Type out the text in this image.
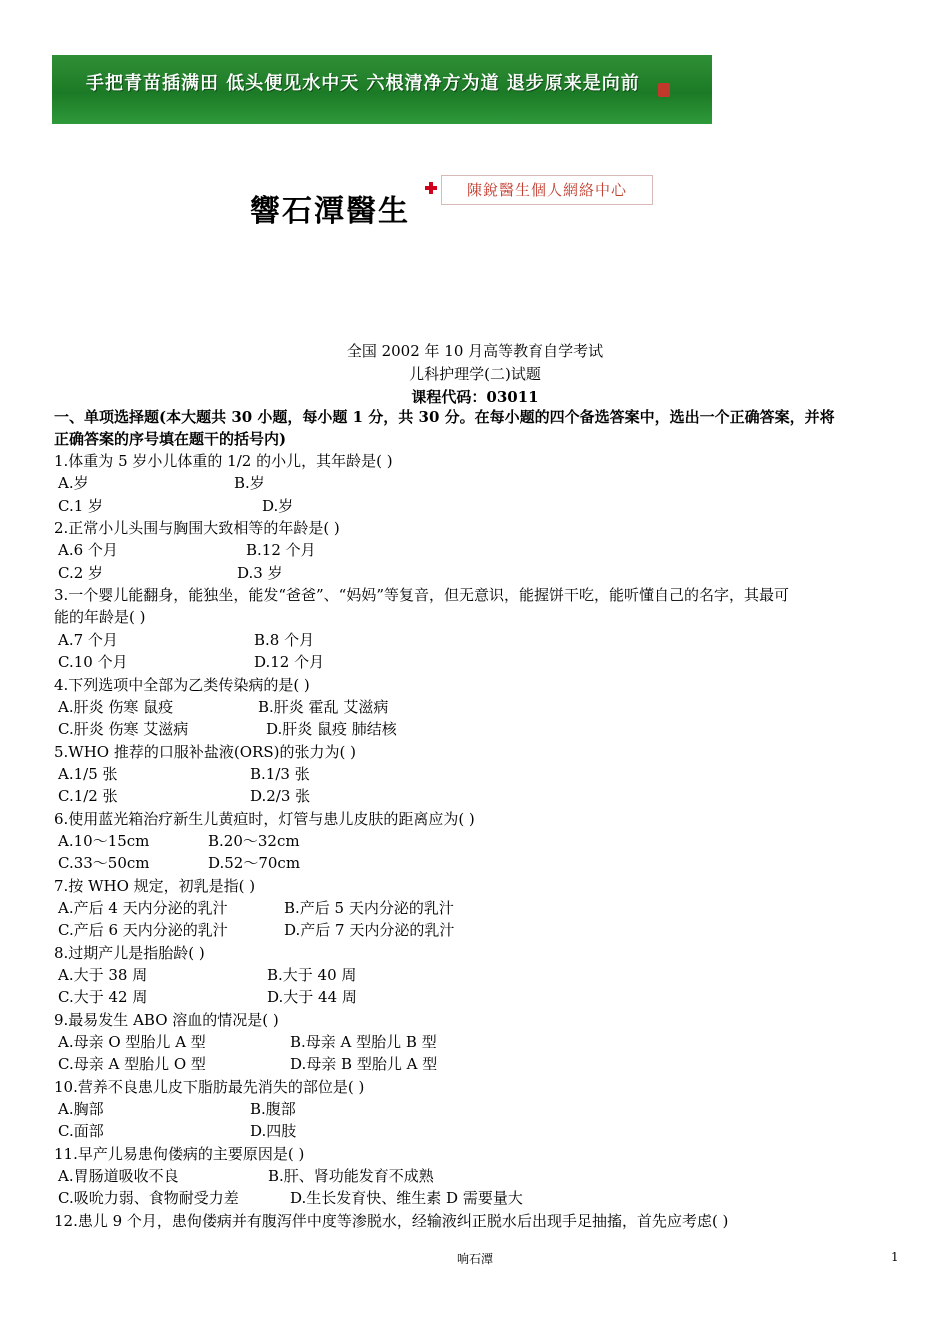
手把青苗插满田 低头便见水中天 六根清净方为道 退步原来是向前
響石潭醫生
陳銳醫生個人網絡中心
全国 2002 年 10 月高等教育自学考试
儿科护理学(二)试题
课程代码：03011
一、单项选择题(本大题共 30 小题，每小题 1 分，共 30 分。在每小题的四个备选答案中，选出一个正确答案，并将
正确答案的序号填在题干的括号内)
1.体重为 5 岁小儿体重的 1/2 的小儿，其年龄是( )
A.岁	B.岁
C.1 岁	D.岁
2.正常小儿头围与胸围大致相等的年龄是( )
A.6 个月	B.12 个月
C.2 岁	D.3 岁
3.一个婴儿能翻身，能独坐，能发“爸爸”、“妈妈”等复音，但无意识，能握饼干吃，能听懂自己的名字，其最可
能的年龄是( )
A.7 个月	B.8 个月
C.10 个月	D.12 个月
4.下列选项中全部为乙类传染病的是( )
A.肝炎 伤寒 鼠疫	B.肝炎 霍乱 艾滋病
C.肝炎 伤寒 艾滋病	D.肝炎 鼠疫 肺结核
5.WHO 推荐的口服补盐液(ORS)的张力为( )
A.1/5 张	B.1/3 张
C.1/2 张	D.2/3 张
6.使用蓝光箱治疗新生儿黄疸时，灯管与患儿皮肤的距离应为( )
A.10～15cm	B.20～32cm
C.33～50cm	D.52～70cm
7.按 WHO 规定，初乳是指( )
A.产后 4 天内分泌的乳汁	B.产后 5 天内分泌的乳汁
C.产后 6 天内分泌的乳汁	D.产后 7 天内分泌的乳汁
8.过期产儿是指胎龄( )
A.大于 38 周	B.大于 40 周
C.大于 42 周	D.大于 44 周
9.最易发生 ABO 溶血的情况是( )
A.母亲 O 型胎儿 A 型	B.母亲 A 型胎儿 B 型
C.母亲 A 型胎儿 O 型	D.母亲 B 型胎儿 A 型
10.营养不良患儿皮下脂肪最先消失的部位是( )
A.胸部	B.腹部
C.面部	D.四肢
11.早产儿易患佝偻病的主要原因是( )
A.胃肠道吸收不良	B.肝、肾功能发育不成熟
C.吸吮力弱、食物耐受力差	D.生长发育快、维生素 D 需要量大
12.患儿 9 个月，患佝偻病并有腹泻伴中度等渗脱水，经输液纠正脱水后出现手足抽搐，首先应考虑( )
响石潭	1
